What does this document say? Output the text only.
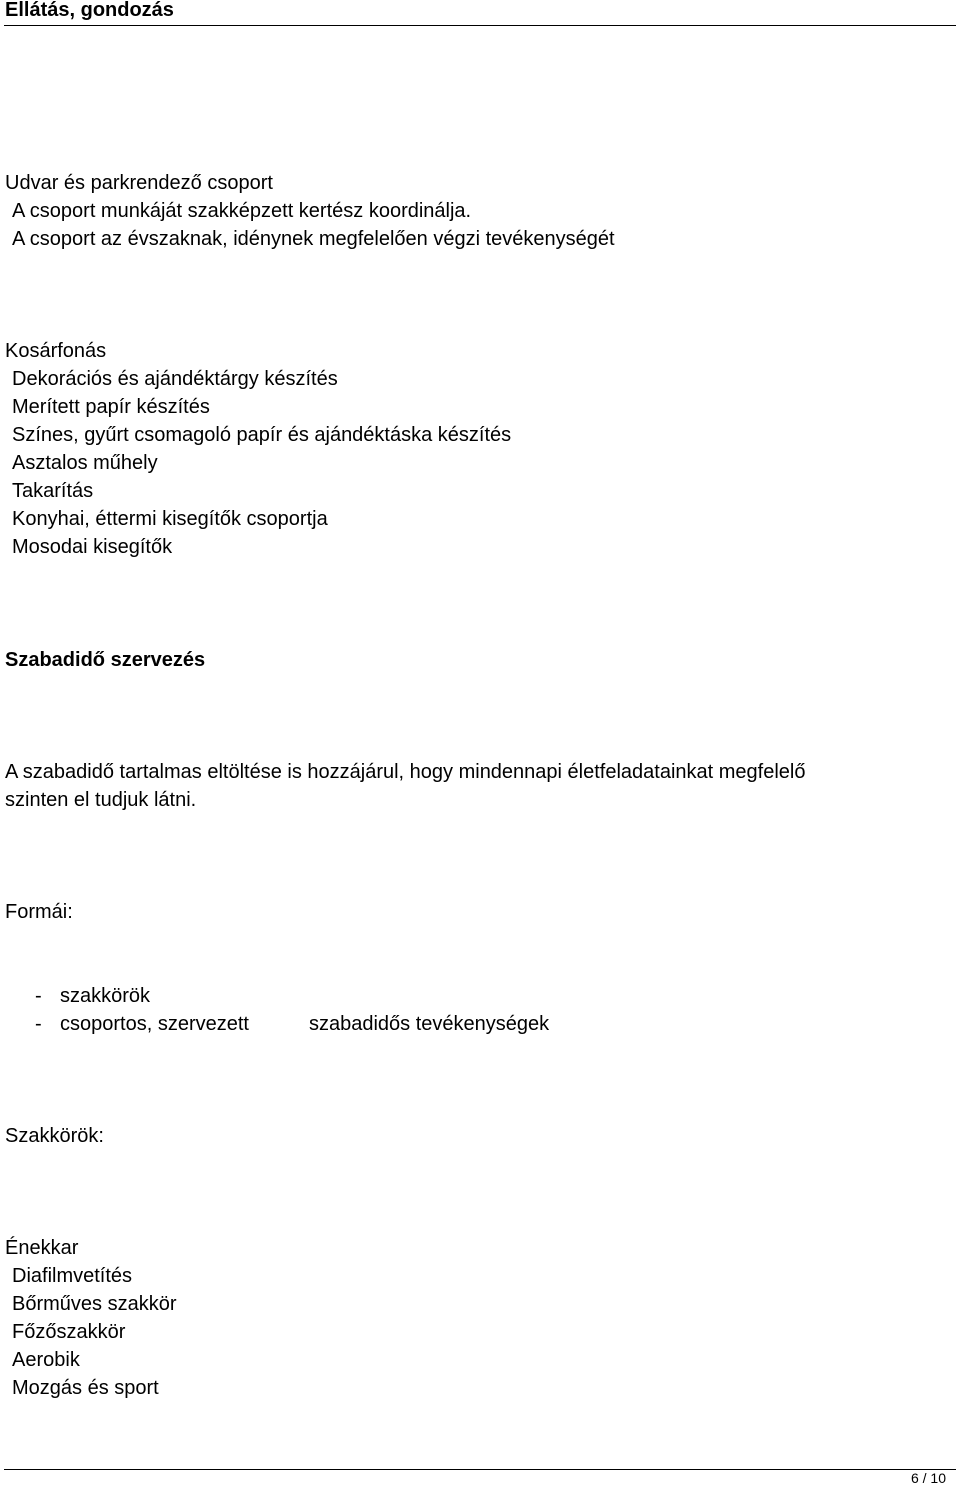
Ellátás, gondozás
Udvar és parkrendező csoport
A csoport munkáját szakképzett kertész koordinálja.
A csoport az évszaknak, idénynek megfelelően végzi tevékenységét
Kosárfonás
Dekorációs és ajándéktárgy készítés
Merített papír készítés
Színes, gyűrt csomagoló papír és ajándéktáska készítés
Asztalos műhely
Takarítás
Konyhai, éttermi kisegítők csoportja
Mosodai kisegítők
Szabadidő szervezés
A szabadidő tartalmas eltöltése is hozzájárul, hogy mindennapi életfeladatainkat megfelelő
szinten el tudjuk látni.
Formái:
- szakkörök
- csoportos, szervezett	szabadidős tevékenységek
Szakkörök:
Énekkar
Diafilmvetítés
Bőrműves szakkör
Főzőszakkör
Aerobik
Mozgás és sport
6 / 10
